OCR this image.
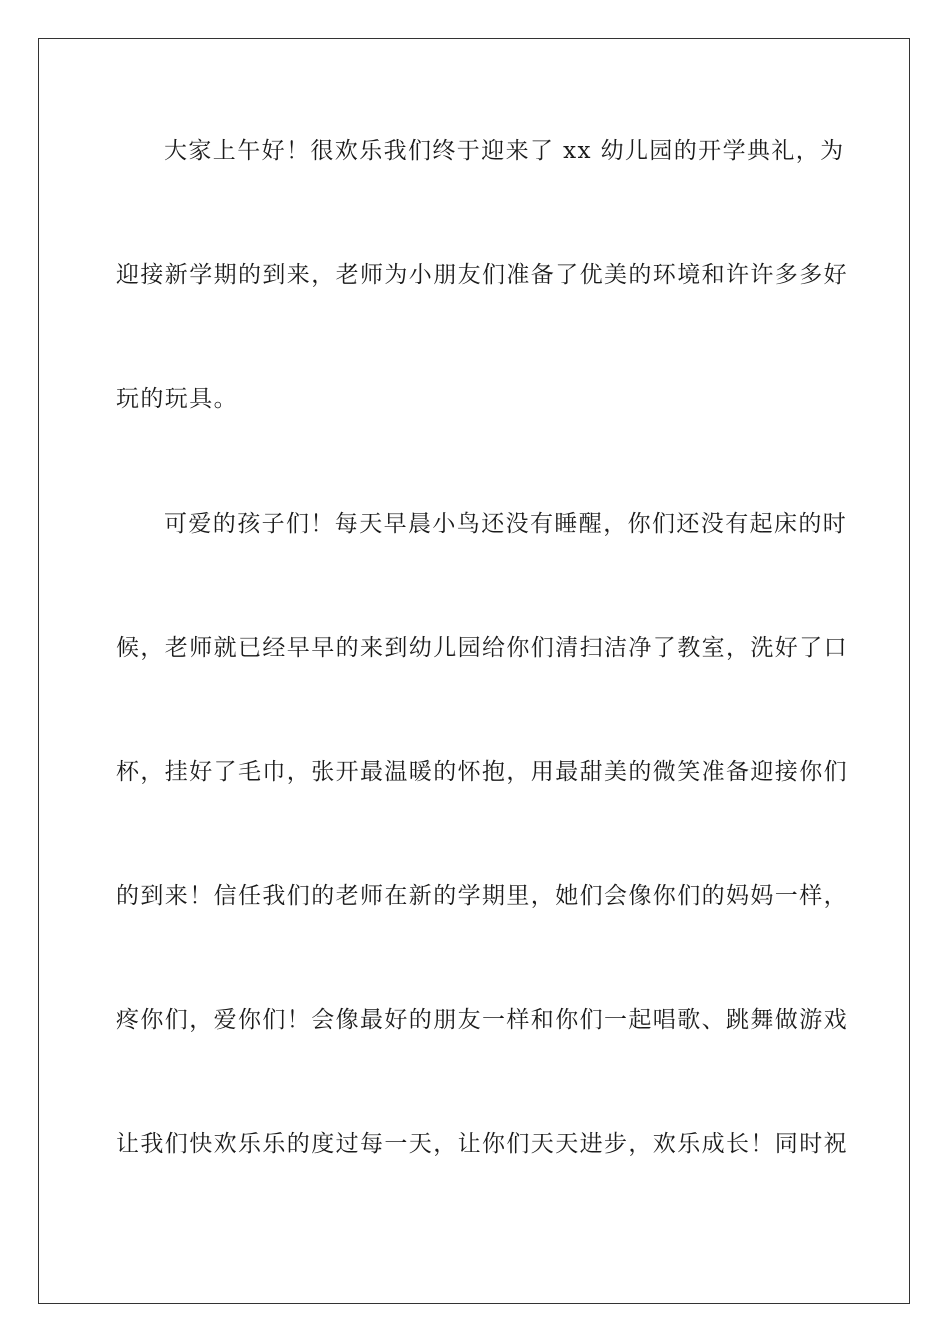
大家上午好！很欢乐我们终于迎来了 xx 幼儿园的开学典礼，为
迎接新学期的到来，老师为小朋友们准备了优美的环境和许许多多好
玩的玩具。
可爱的孩子们！每天早晨小鸟还没有睡醒，你们还没有起床的时
候，老师就已经早早的来到幼儿园给你们清扫洁净了教室，洗好了口
杯，挂好了毛巾，张开最温暖的怀抱，用最甜美的微笑准备迎接你们
的到来！信任我们的老师在新的学期里，她们会像你们的妈妈一样，
疼你们，爱你们！会像最好的朋友一样和你们一起唱歌、跳舞做游戏
让我们快欢乐乐的度过每一天，让你们天天进步，欢乐成长！同时祝
